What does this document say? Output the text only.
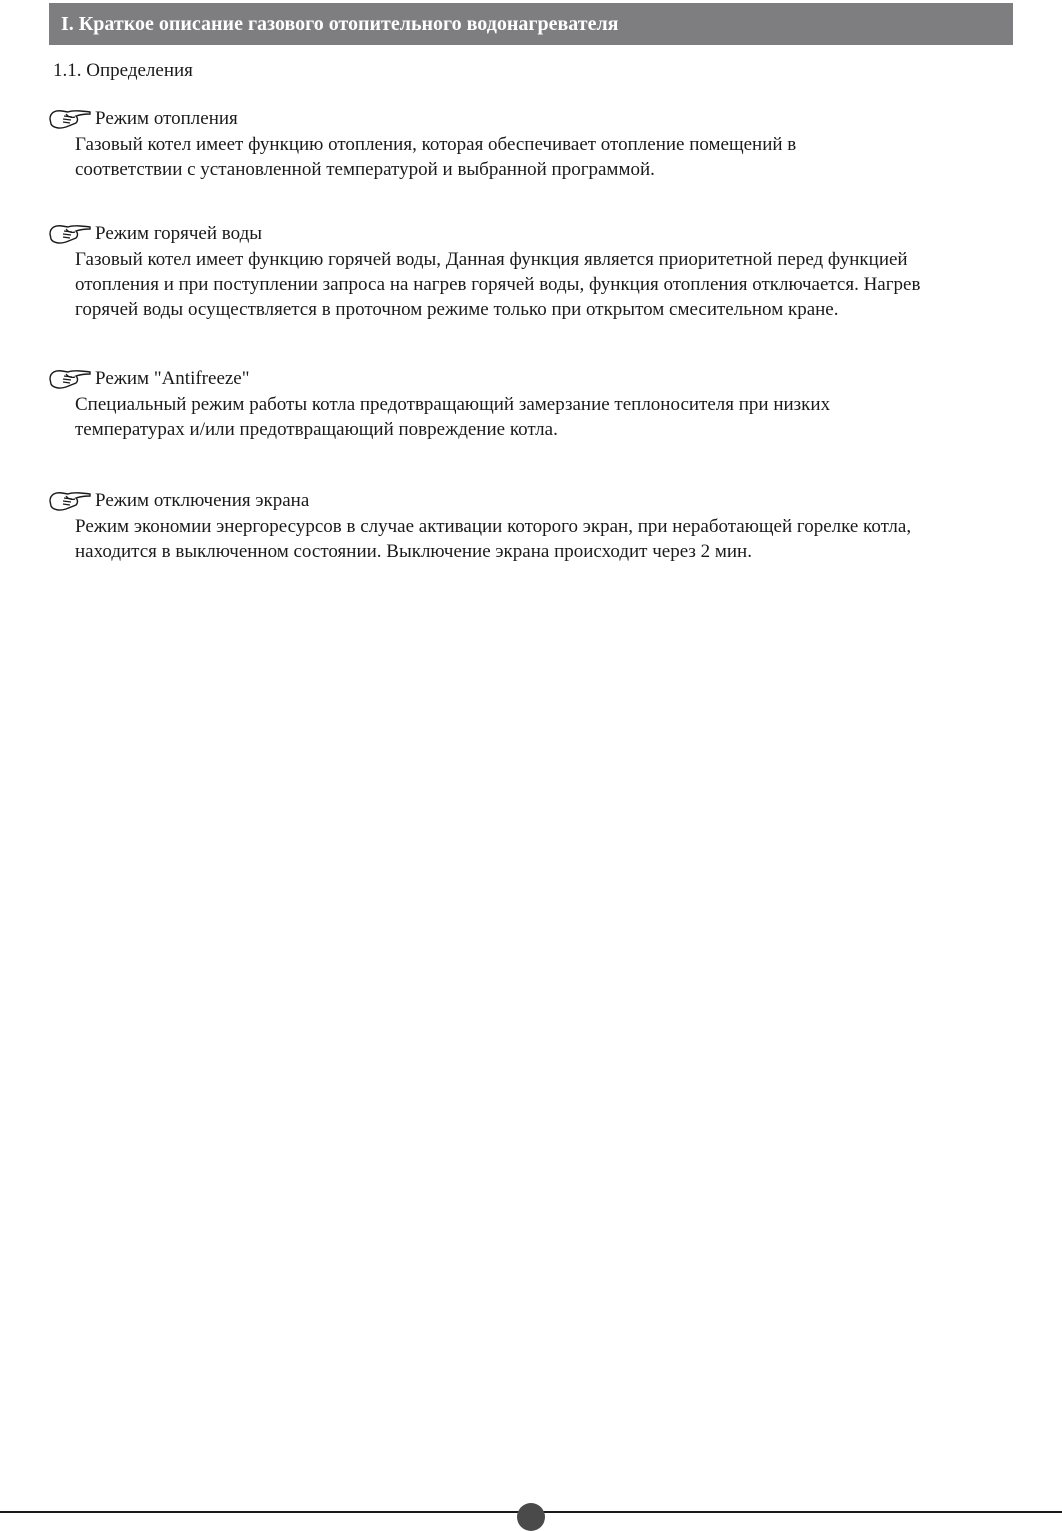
I. Краткое описание газового отопительного водонагревателя
1.1. Определения
Режим отопления
Газовый котел имеет функцию отопления, которая обеспечивает отопление помещений в
соответствии с установленной температурой и выбранной программой.
Режим горячей воды
Газовый котел имеет функцию горячей воды, Данная функция является приоритетной перед функцией
отопления и при поступлении запроса на нагрев горячей воды, функция отопления отключается. Нагрев
горячей воды осуществляется в проточном режиме только при открытом смесительном кране.
Режим "Antifreeze"
Специальный режим работы котла предотвращающий замерзание теплоносителя при низких
температурах и/или предотвращающий повреждение котла.
Режим отключения экрана
Режим экономии энергоресурсов в случае активации которого экран, при неработающей горелке котла,
находится в выключенном состоянии. Выключение экрана происходит через 2 мин.
